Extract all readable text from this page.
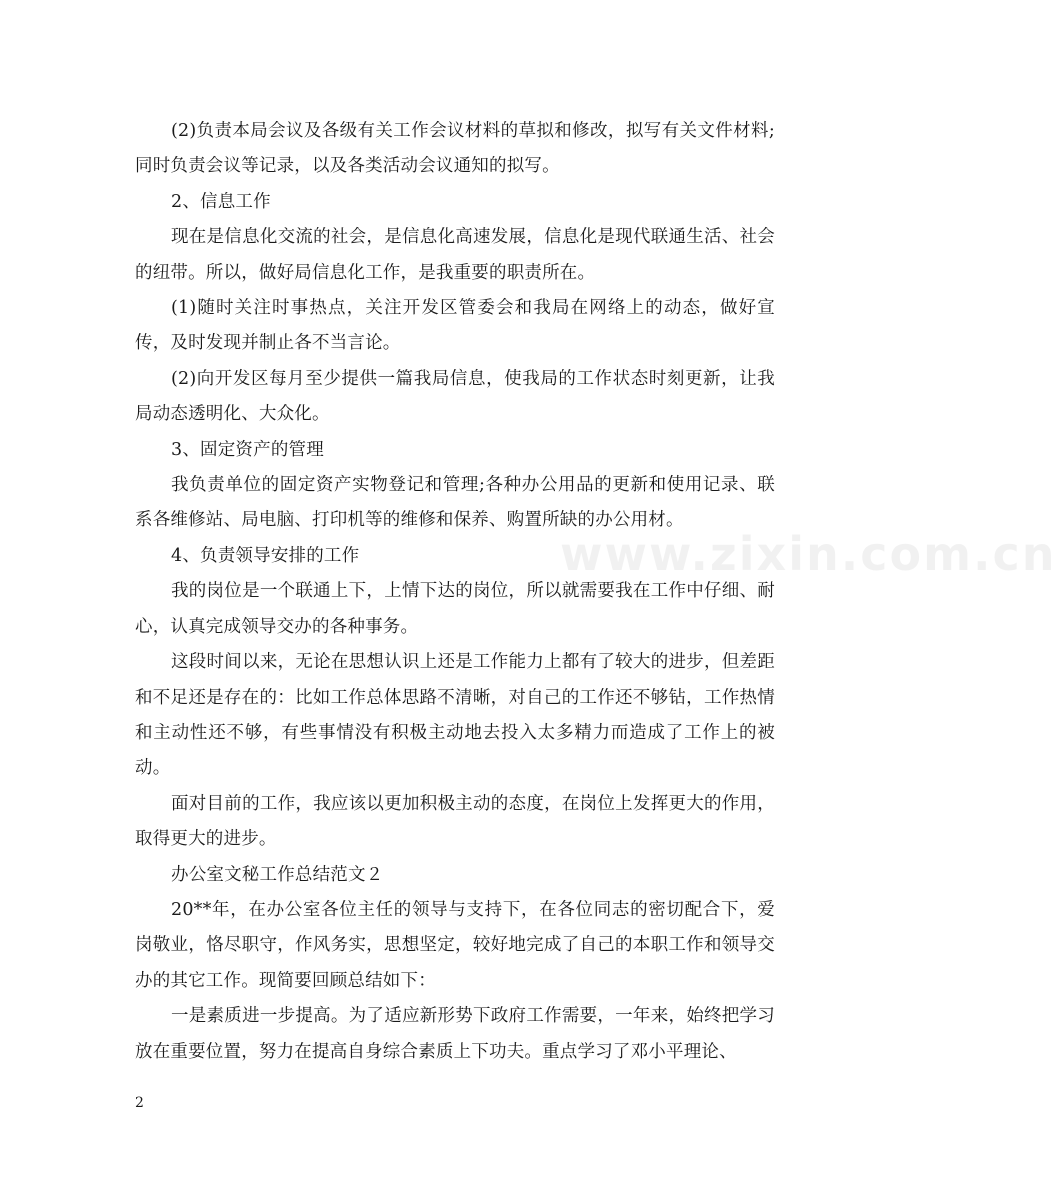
(2)负责本局会议及各级有关工作会议材料的草拟和修改，拟写有关文件材料;同时负责会议等记录，以及各类活动会议通知的拟写。

2、信息工作

现在是信息化交流的社会，是信息化高速发展，信息化是现代联通生活、社会的纽带。所以，做好局信息化工作，是我重要的职责所在。

(1)随时关注时事热点，关注开发区管委会和我局在网络上的动态，做好宣传，及时发现并制止各不当言论。

(2)向开发区每月至少提供一篇我局信息，使我局的工作状态时刻更新，让我局动态透明化、大众化。

3、固定资产的管理

我负责单位的固定资产实物登记和管理;各种办公用品的更新和使用记录、联系各维修站、局电脑、打印机等的维修和保养、购置所缺的办公用材。

4、负责领导安排的工作

我的岗位是一个联通上下，上情下达的岗位，所以就需要我在工作中仔细、耐心，认真完成领导交办的各种事务。

这段时间以来，无论在思想认识上还是工作能力上都有了较大的进步，但差距和不足还是存在的：比如工作总体思路不清晰，对自己的工作还不够钻，工作热情和主动性还不够，有些事情没有积极主动地去投入太多精力而造成了工作上的被动。

面对目前的工作，我应该以更加积极主动的态度，在岗位上发挥更大的作用，取得更大的进步。

办公室文秘工作总结范文２

20**年，在办公室各位主任的领导与支持下，在各位同志的密切配合下，爱岗敬业，恪尽职守，作风务实，思想坚定，较好地完成了自己的本职工作和领导交办的其它工作。现简要回顾总结如下：

一是素质进一步提高。为了适应新形势下政府工作需要，一年来，始终把学习放在重要位置，努力在提高自身综合素质上下功夫。重点学习了邓小平理论、

www.zixin.com.cn
2
